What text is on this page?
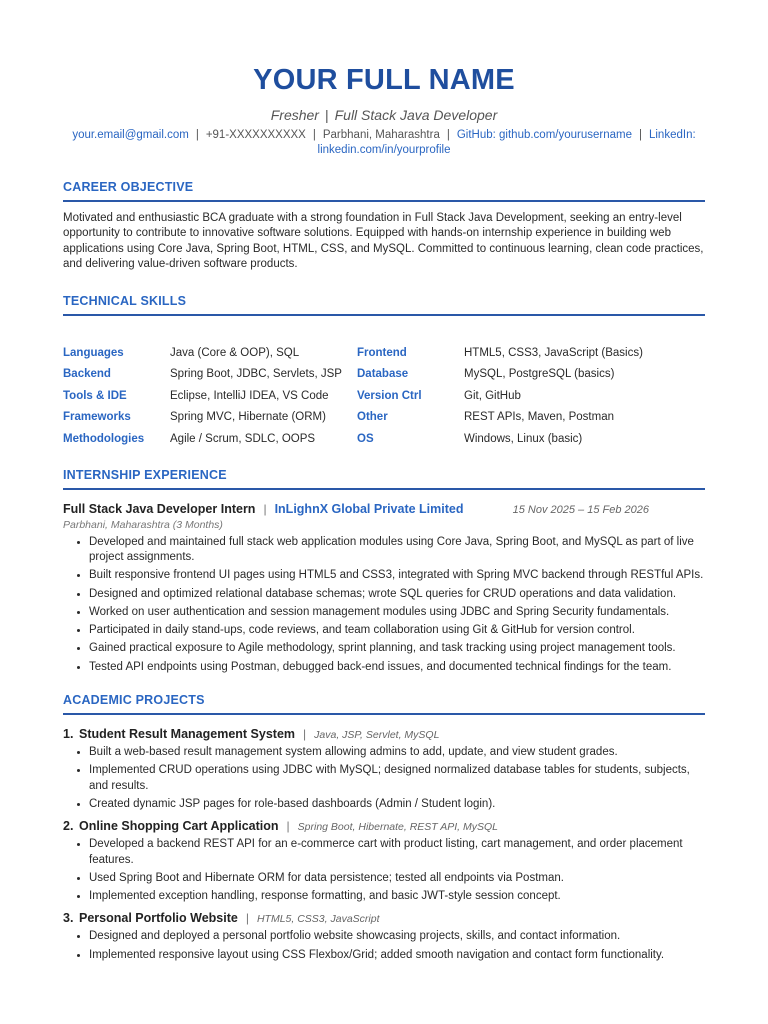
YOUR FULL NAME
Fresher | Full Stack Java Developer
your.email@gmail.com | +91-XXXXXXXXXX | Parbhani, Maharashtra | GitHub: github.com/yourusername | LinkedIn:
linkedin.com/in/yourprofile
CAREER OBJECTIVE
Motivated and enthusiastic BCA graduate with a strong foundation in Full Stack Java Development, seeking an entry-level opportunity to contribute to innovative software solutions. Equipped with hands-on internship experience in building web applications using Core Java, Spring Boot, HTML, CSS, and MySQL. Committed to continuous learning, clean code practices, and delivering value-driven software products.
TECHNICAL SKILLS
Languages	Java (Core & OOP), SQL	Frontend	HTML5, CSS3, JavaScript (Basics)
Backend	Spring Boot, JDBC, Servlets, JSP	Database	MySQL, PostgreSQL (basics)
Tools & IDE	Eclipse, IntelliJ IDEA, VS Code	Version Ctrl	Git, GitHub
Frameworks	Spring MVC, Hibernate (ORM)	Other	REST APIs, Maven, Postman
Methodologies	Agile / Scrum, SDLC, OOPS	OS	Windows, Linux (basic)
INTERNSHIP EXPERIENCE
Full Stack Java Developer Intern | InLighnX Global Private Limited	15 Nov 2025 – 15 Feb 2026
Parbhani, Maharashtra (3 Months)
• Developed and maintained full stack web application modules using Core Java, Spring Boot, and MySQL as part of live project assignments.
• Built responsive frontend UI pages using HTML5 and CSS3, integrated with Spring MVC backend through RESTful APIs.
• Designed and optimized relational database schemas; wrote SQL queries for CRUD operations and data validation.
• Worked on user authentication and session management modules using JDBC and Spring Security fundamentals.
• Participated in daily stand-ups, code reviews, and team collaboration using Git & GitHub for version control.
• Gained practical exposure to Agile methodology, sprint planning, and task tracking using project management tools.
• Tested API endpoints using Postman, debugged back-end issues, and documented technical findings for the team.
ACADEMIC PROJECTS
1. Student Result Management System | Java, JSP, Servlet, MySQL
• Built a web-based result management system allowing admins to add, update, and view student grades.
• Implemented CRUD operations using JDBC with MySQL; designed normalized database tables for students, subjects, and results.
• Created dynamic JSP pages for role-based dashboards (Admin / Student login).
2. Online Shopping Cart Application | Spring Boot, Hibernate, REST API, MySQL
• Developed a backend REST API for an e-commerce cart with product listing, cart management, and order placement features.
• Used Spring Boot and Hibernate ORM for data persistence; tested all endpoints via Postman.
• Implemented exception handling, response formatting, and basic JWT-style session concept.
3. Personal Portfolio Website | HTML5, CSS3, JavaScript
• Designed and deployed a personal portfolio website showcasing projects, skills, and contact information.
• Implemented responsive layout using CSS Flexbox/Grid; added smooth navigation and contact form functionality.
